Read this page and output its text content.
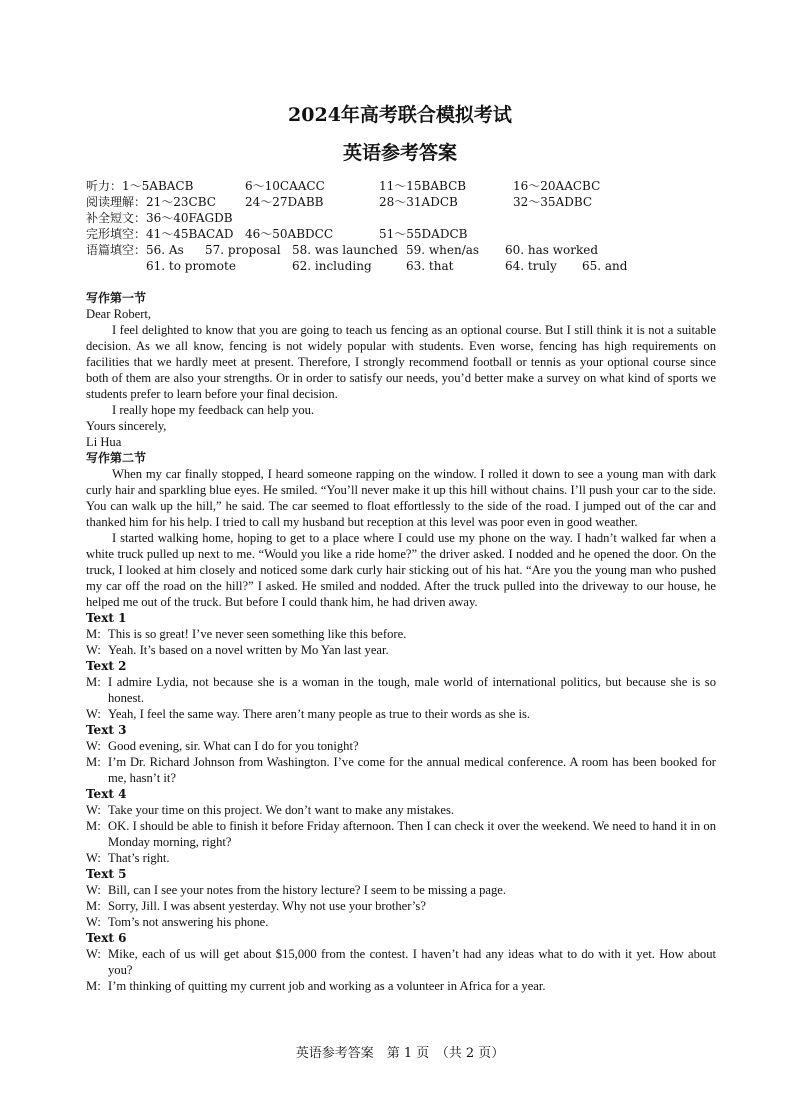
2024年高考联合模拟考试
英语参考答案
听力：1～5ABACB	6～10CAACC	11～15BABCB	16～20AACBC
阅读理解：21～23CBC 24～27DABB	28～31ADCB	32～35ADBC
补全短文：36～40FAGDB
完形填空：41～45BACAD 46～50ABDCC	51～55DADCB
语篇填空： 56. As 57. proposal 58. was launched 59. when/as 60. has worked
61. to promote	62. including	63. that	64. truly 65. and
写作第一节

Dear Robert,

I feel delighted to know that you are going to teach us fencing as an optional course. But I still think it is not a suitable decision. As we all know, fencing is not widely popular with students. Even worse, fencing has high requirements on facilities that we hardly meet at present. Therefore, I strongly recommend football or tennis as your optional course since both of them are also your strengths. Or in order to satisfy our needs, you’d better make a survey on what kind of sports we students prefer to learn before your final decision.

I really hope my feedback can help you.

Yours sincerely,

Li Hua

写作第二节

When my car finally stopped, I heard someone rapping on the window. I rolled it down to see a young man with dark curly hair and sparkling blue eyes. He smiled. “You’ll never make it up this hill without chains. I’ll push your car to the side. You can walk up the hill,” he said. The car seemed to float effortlessly to the side of the road. I jumped out of the car and thanked him for his help. I tried to call my husband but reception at this level was poor even in good weather.

I started walking home, hoping to get to a place where I could use my phone on the way. I hadn’t walked far when a white truck pulled up next to me. “Would you like a ride home?” the driver asked. I nodded and he opened the door. On the truck, I looked at him closely and noticed some dark curly hair sticking out of his hat. “Are you the young man who pushed my car off the road on the hill?” I asked. He smiled and nodded. After the truck pulled into the driveway to our house, he helped me out of the truck. But before I could thank him, he had driven away.

Text 1
M: This is so great! I’ve never seen something like this before.
W: Yeah. It’s based on a novel written by Mo Yan last year.
Text 2
M: I admire Lydia, not because she is a woman in the tough, male world of international politics, but because she is so honest.
W: Yeah, I feel the same way. There aren’t many people as true to their words as she is.
Text 3
W: Good evening, sir. What can I do for you tonight?
M: I’m Dr. Richard Johnson from Washington. I’ve come for the annual medical conference. A room has been booked for me, hasn’t it?
Text 4
W: Take your time on this project. We don’t want to make any mistakes.
M: OK. I should be able to finish it before Friday afternoon. Then I can check it over the weekend. We need to hand it in on Monday morning, right?
W: That’s right.
Text 5
W: Bill, can I see your notes from the history lecture? I seem to be missing a page.
M: Sorry, Jill. I was absent yesterday. Why not use your brother’s?
W: Tom’s not answering his phone.
Text 6
W: Mike, each of us will get about $15,000 from the contest. I haven’t had any ideas what to do with it yet. How about you?
M: I’m thinking of quitting my current job and working as a volunteer in Africa for a year.
英语参考答案　第 1 页　（共 2 页）
